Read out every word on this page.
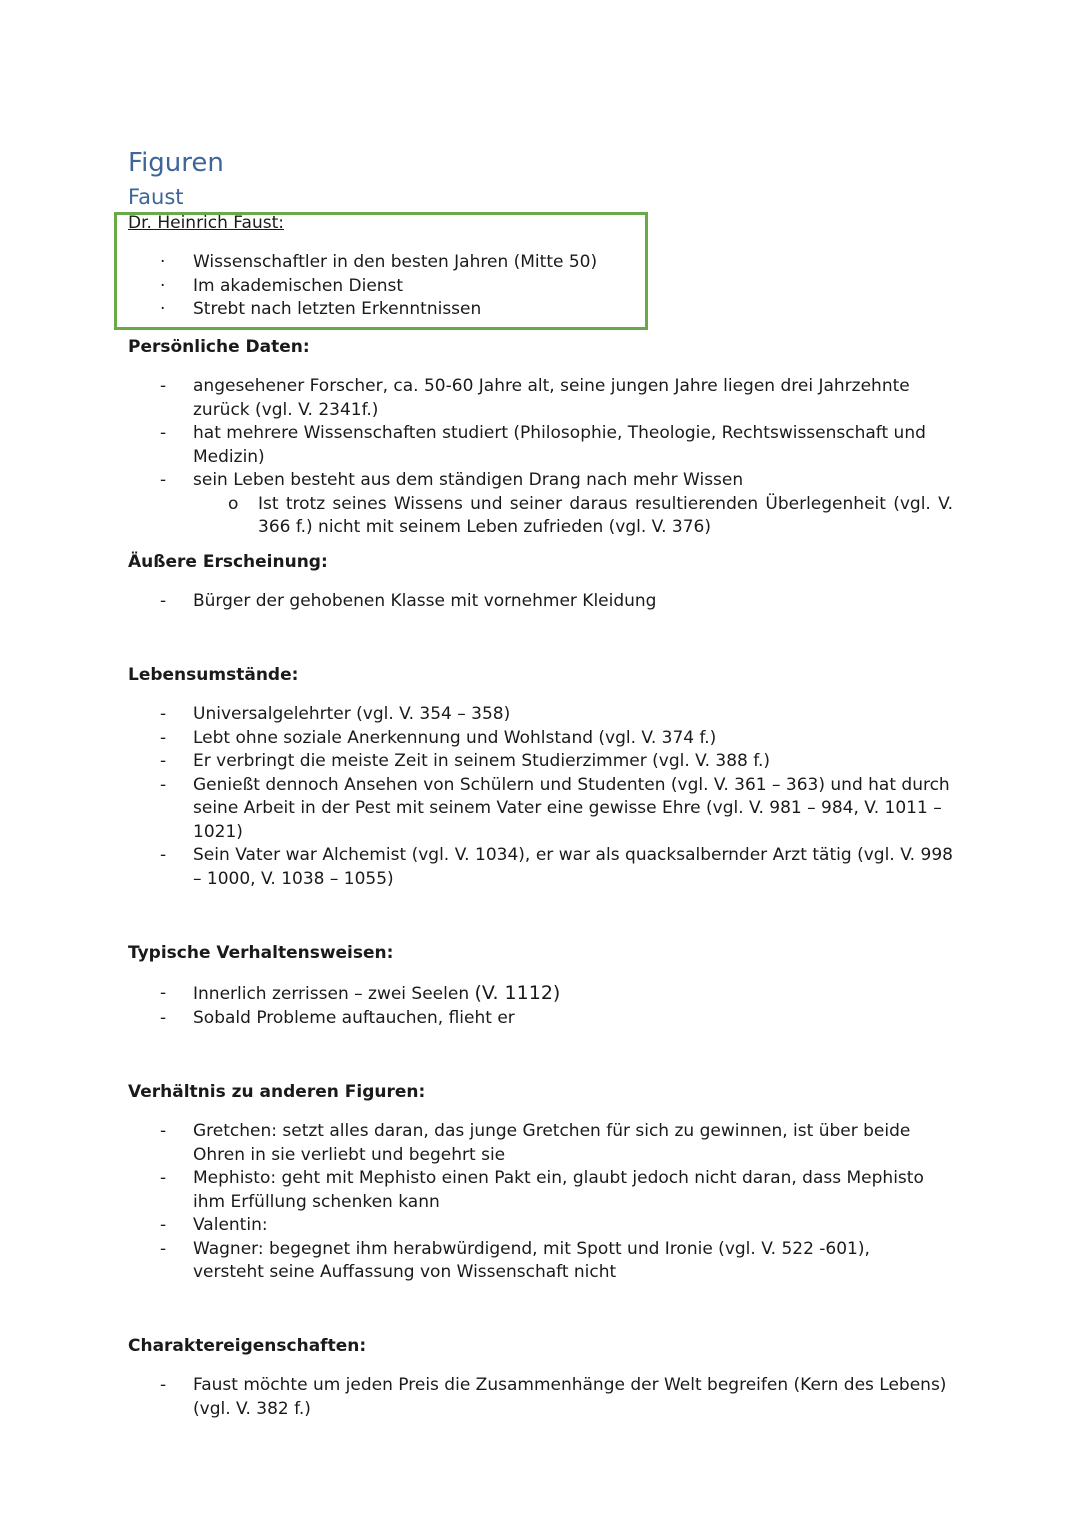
Figuren
Faust
Dr. Heinrich Faust:
·	Wissenschaftler in den besten Jahren (Mitte 50)
·	Im akademischen Dienst
·	Strebt nach letzten Erkenntnissen
Persönliche Daten:
-	angesehener Forscher, ca. 50-60 Jahre alt, seine jungen Jahre liegen drei Jahrzehnte zurück (vgl. V. 2341f.)
-	hat mehrere Wissenschaften studiert (Philosophie, Theologie, Rechtswissenschaft und Medizin)
-	sein Leben besteht aus dem ständigen Drang nach mehr Wissen
o Ist trotz seines Wissens und seiner daraus resultierenden Überlegenheit (vgl. V. 366 f.) nicht mit seinem Leben zufrieden (vgl. V. 376)
Äußere Erscheinung:
-	Bürger der gehobenen Klasse mit vornehmer Kleidung
Lebensumstände:
-	Universalgelehrter (vgl. V. 354 – 358)
-	Lebt ohne soziale Anerkennung und Wohlstand (vgl. V. 374 f.)
-	Er verbringt die meiste Zeit in seinem Studierzimmer (vgl. V. 388 f.)
-	Genießt dennoch Ansehen von Schülern und Studenten (vgl. V. 361 – 363) und hat durch seine Arbeit in der Pest mit seinem Vater eine gewisse Ehre (vgl. V. 981 – 984, V. 1011 – 1021)
-	Sein Vater war Alchemist (vgl. V. 1034), er war als quacksalbernder Arzt tätig (vgl. V. 998 – 1000, V. 1038 – 1055)
Typische Verhaltensweisen:
-	Innerlich zerrissen – zwei Seelen (V. 1112)
-	Sobald Probleme auftauchen, flieht er
Verhältnis zu anderen Figuren:
-	Gretchen: setzt alles daran, das junge Gretchen für sich zu gewinnen, ist über beide Ohren in sie verliebt und begehrt sie
-	Mephisto: geht mit Mephisto einen Pakt ein, glaubt jedoch nicht daran, dass Mephisto ihm Erfüllung schenken kann
-	Valentin:
-	Wagner: begegnet ihm herabwürdigend, mit Spott und Ironie (vgl. V. 522 -601), versteht seine Auffassung von Wissenschaft nicht
Charaktereigenschaften:
-	Faust möchte um jeden Preis die Zusammenhänge der Welt begreifen (Kern des Lebens) (vgl. V. 382 f.)
